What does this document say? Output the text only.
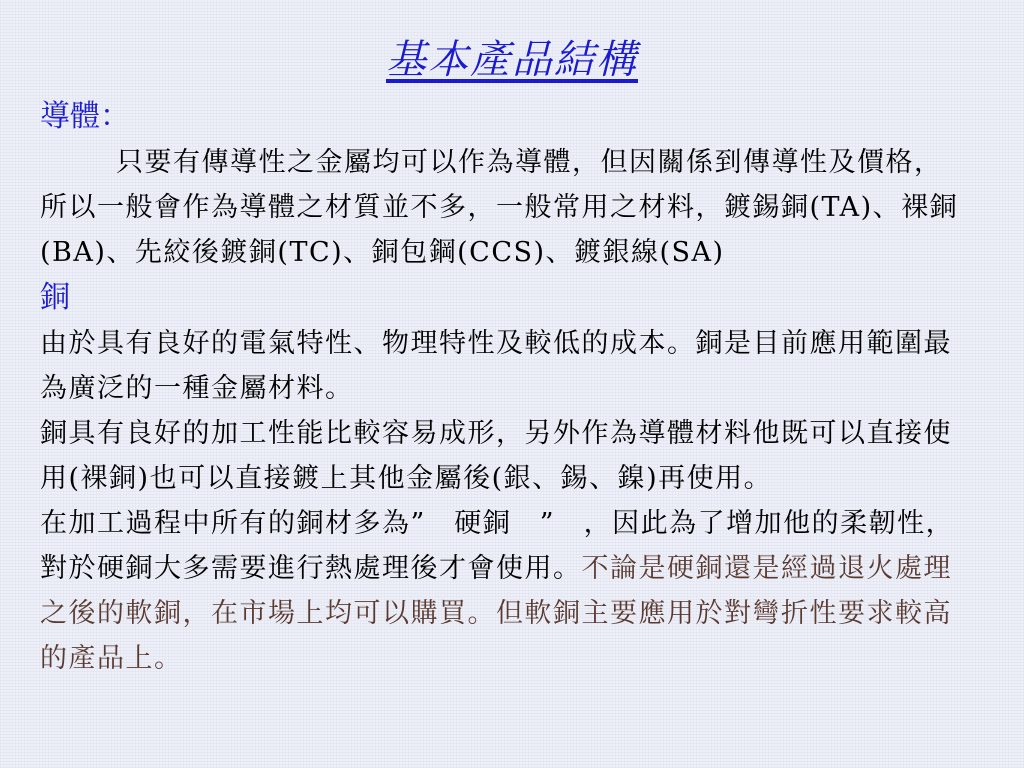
基本產品結構
導體：

只要有傳導性之金屬均可以作為導體，但因關係到傳導性及價格，所以一般會作為導體之材質並不多，一般常用之材料，鍍錫銅(TA)、裸銅(BA)、先絞後鍍銅(TC)、銅包鋼(CCS)、鍍銀線(SA)

銅

由於具有良好的電氣特性、物理特性及較低的成本。銅是目前應用範圍最為廣泛的一種金屬材料。

銅具有良好的加工性能比較容易成形，另外作為導體材料他既可以直接使用(裸銅)也可以直接鍍上其他金屬後(銀、錫、鎳)再使用。

在加工過程中所有的銅材多為”　硬銅　”　，因此為了增加他的柔韌性，對於硬銅大多需要進行熱處理後才會使用。不論是硬銅還是經過退火處理之後的軟銅，在市場上均可以購買。但軟銅主要應用於對彎折性要求較高的產品上。
